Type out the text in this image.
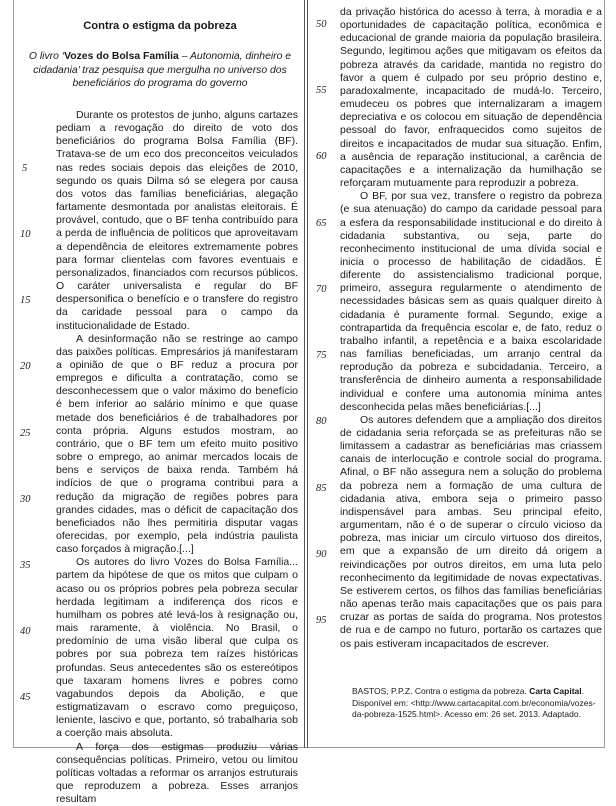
Contra o estigma da pobreza
O livro ‘Vozes do Bolsa Família – Autonomia, dinheiro e cidadania’ traz pesquisa que mergulha no universo dos beneficiários do programa do governo

Durante os protestos de junho, alguns cartazes pediam a revogação do direito de voto dos beneficiários do programa Bolsa Família (BF). Tratava-se de um eco dos preconceitos veiculados nas redes sociais depois das eleições de 2010, segundo os quais Dilma só se elegera por causa dos votos das famílias beneficiárias, alegação fartamente desmontada por analistas eleitorais. É provável, contudo, que o BF tenha contribuído para a perda de influência de políticos que aproveitavam a dependência de eleitores extremamente pobres para formar clientelas com favores eventuais e personalizados, financiados com recursos públicos. O caráter universalista e regular do BF despersonifica o benefício e o transfere do registro da caridade pessoal para o campo da institucionalidade de Estado.

A desinformação não se restringe ao campo das paixões políticas. Empresários já manifestaram a opinião de que o BF reduz a procura por empregos e dificulta a contratação, como se desconhecessem que o valor máximo do benefício é bem inferior ao salário mínimo e que quase metade dos beneficiários é de trabalhadores por conta própria. Alguns estudos mostram, ao contrário, que o BF tem um efeito muito positivo sobre o emprego, ao animar mercados locais de bens e serviços de baixa renda. Também há indícios de que o programa contribui para a redução da migração de regiões pobres para grandes cidades, mas o déficit de capacitação dos beneficiados não lhes permitiria disputar vagas oferecidas, por exemplo, pela indústria paulista caso forçados à migração.[...]

Os autores do livro Vozes do Bolsa Família... partem da hipótese de que os mitos que culpam o acaso ou os próprios pobres pela pobreza secular herdada legitimam a indiferença dos ricos e humilham os pobres até levá-los à resignação ou, mais raramente, à violência. No Brasil, o predomínio de uma visão liberal que culpa os pobres por sua pobreza tem raízes históricas profundas. Seus antecedentes são os estereótipos que taxaram homens livres e pobres como vagabundos depois da Abolição, e que estigmatizavam o escravo como preguiçoso, leniente, lascivo e que, portanto, só trabalharia sob a coerção mais absoluta.

A força dos estigmas produziu várias consequências políticas. Primeiro, vetou ou limitou políticas voltadas a reformar os arranjos estruturais que reproduzem a pobreza. Esses arranjos resultam

da privação histórica do acesso à terra, à moradia e a oportunidades de capacitação política, econômica e educacional de grande maioria da população brasileira. Segundo, legitimou ações que mitigavam os efeitos da pobreza através da caridade, mantida no registro do favor a quem é culpado por seu próprio destino e, paradoxalmente, incapacitado de mudá-lo. Terceiro, emudeceu os pobres que internalizaram a imagem depreciativa e os colocou em situação de dependência pessoal do favor, enfraquecidos como sujeitos de direitos e incapacitados de mudar sua situação. Enfim, a ausência de reparação institucional, a carência de capacitações e a internalização da humilhação se reforçaram mutuamente para reproduzir a pobreza.

O BF, por sua vez, transfere o registro da pobreza (e sua atenuação) do campo da caridade pessoal para a esfera da responsabilidade institucional e do direito à cidadania substantiva, ou seja, parte do reconhecimento institucional de uma dívida social e inicia o processo de habilitação de cidadãos. É diferente do assistencialismo tradicional porque, primeiro, assegura regularmente o atendimento de necessidades básicas sem as quais qualquer direito à cidadania é puramente formal. Segundo, exige a contrapartida da frequência escolar e, de fato, reduz o trabalho infantil, a repetência e a baixa escolaridade nas famílias beneficiadas, um arranjo central da reprodução da pobreza e subcidadania. Terceiro, a transferência de dinheiro aumenta a responsabilidade individual e confere uma autonomia mínima antes desconhecida pelas mães beneficiárias.[...]

Os autores defendem que a ampliação dos direitos de cidadania seria reforçada se as prefeituras não se limitassem a cadastrar as beneficiárias mas criassem canais de interlocução e controle social do programa. Afinal, o BF não assegura nem a solução do problema da pobreza nem a formação de uma cultura de cidadania ativa, embora seja o primeiro passo indispensável para ambas. Seu principal efeito, argumentam, não é o de superar o círculo vicioso da pobreza, mas iniciar um círculo virtuoso dos direitos, em que a expansão de um direito dá origem a reivindicações por outros direitos, em uma luta pelo reconhecimento da legitimidade de novas expectativas. Se estiverem certos, os filhos das famílias beneficiárias não apenas terão mais capacitações que os pais para cruzar as portas de saída do programa. Nos protestos de rua e de campo no futuro, portarão os cartazes que os pais estiveram incapacitados de escrever.

5
10
15
20
25
30
35
40
45
50
55
60
65
70
75
80
85
90
95
BASTOS, P.P.Z. Contra o estigma da pobreza. Carta Capital. Disponível em: <http://www.cartacapital.com.br/economia/vozes-da-pobreza-1525.html>. Acesso em: 26 set. 2013. Adaptado.
